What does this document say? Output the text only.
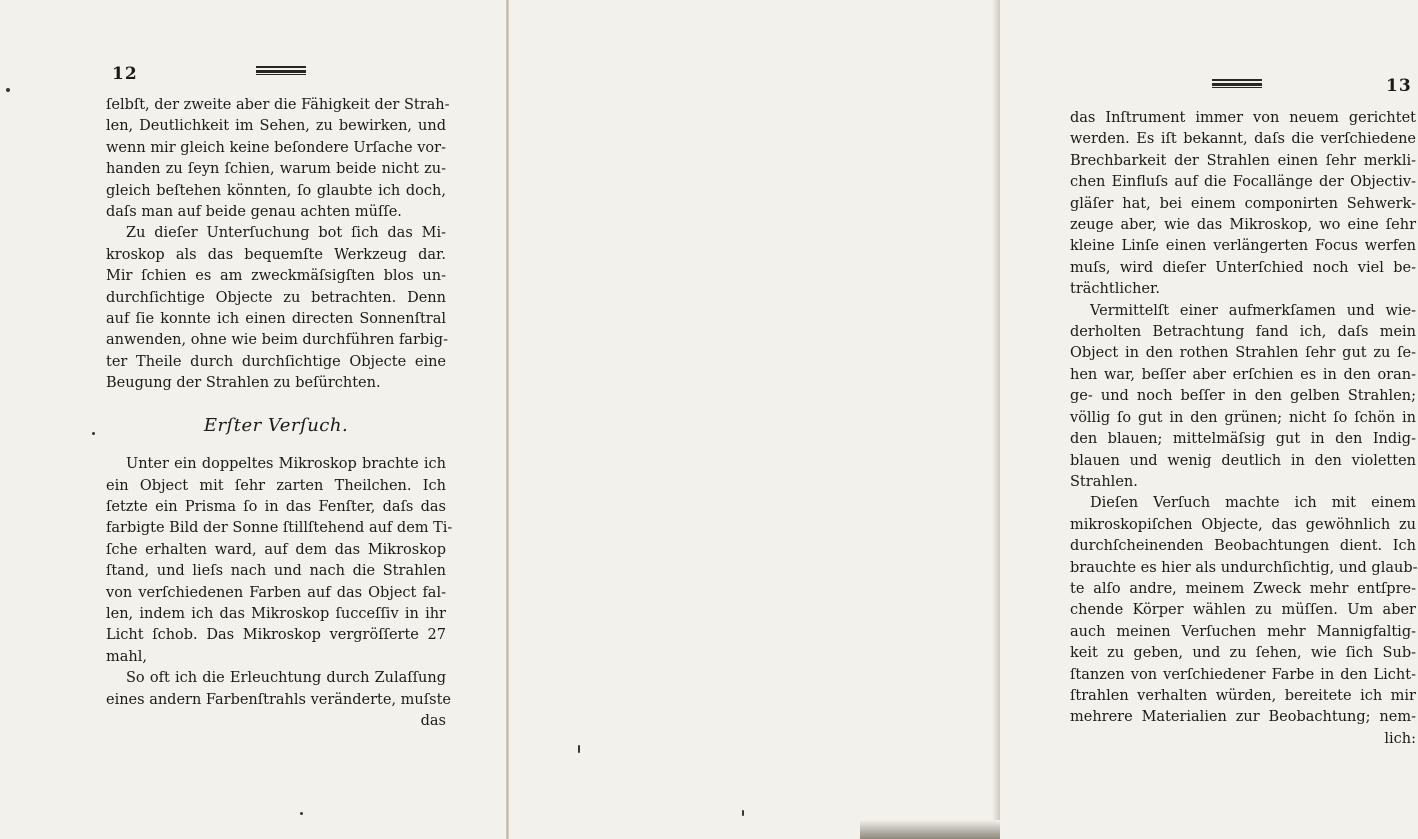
12
ſelbſt, der zweite aber die Fähigkeit der Strah-
len, Deutlichkeit im Sehen, zu bewirken, und
wenn mir gleich keine beſondere Urſache vor-
handen zu ſeyn ſchien, warum beide nicht zu-
gleich beſtehen könnten, ſo glaubte ich doch,
daſs man auf beide genau achten müſſe.
Zu dieſer Unterſuchung bot ſich das Mi-
kroskop als das bequemſte Werkzeug dar.
Mir ſchien es am zweckmäſsigſten blos un-
durchſichtige Objecte zu betrachten. Denn
auf ſie konnte ich einen directen Sonnenſtral
anwenden, ohne wie beim durchführen farbig-
ter Theile durch durchſichtige Objecte eine
Beugung der Strahlen zu beſürchten.
Erſter Verſuch.
Unter ein doppeltes Mikroskop brachte ich
ein Object mit ſehr zarten Theilchen. Ich
ſetzte ein Prisma ſo in das Fenſter, daſs das
farbigte Bild der Sonne ſtillſtehend auf dem Ti-
ſche erhalten ward, auf dem das Mikroskop
ſtand, und lieſs nach und nach die Strahlen
von verſchiedenen Farben auf das Object fal-
len, indem ich das Mikroskop ſucceſſiv in ihr
Licht ſchob. Das Mikroskop vergröſſerte 27
mahl,
So oft ich die Erleuchtung durch Zulaſſung
eines andern Farbenſtrahls veränderte, muſste
das
13
das Inſtrument immer von neuem gerichtet
werden. Es iſt bekannt, daſs die verſchiedene
Brechbarkeit der Strahlen einen ſehr merkli-
chen Einfluſs auf die Focallänge der Objectiv-
gläſer hat, bei einem componirten Sehwerk-
zeuge aber, wie das Mikroskop, wo eine ſehr
kleine Linſe einen verlängerten Focus werfen
muſs, wird dieſer Unterſchied noch viel be-
trächtlicher.
Vermittelſt einer aufmerkſamen und wie-
derholten Betrachtung fand ich, daſs mein
Object in den rothen Strahlen ſehr gut zu ſe-
hen war, beſſer aber erſchien es in den oran-
ge- und noch beſſer in den gelben Strahlen;
völlig ſo gut in den grünen; nicht ſo ſchön in
den blauen; mittelmäſsig gut in den Indig-
blauen und wenig deutlich in den violetten
Strahlen.
Dieſen Verſuch machte ich mit einem
mikroskopiſchen Objecte, das gewöhnlich zu
durchſcheinenden Beobachtungen dient. Ich
brauchte es hier als undurchſichtig, und glaub-
te alſo andre, meinem Zweck mehr entſpre-
chende Körper wählen zu müſſen. Um aber
auch meinen Verſuchen mehr Mannigfaltig-
keit zu geben, und zu ſehen, wie ſich Sub-
ſtanzen von verſchiedener Farbe in den Licht-
ſtrahlen verhalten würden, bereitete ich mir
mehrere Materialien zur Beobachtung; nem-
lich:
